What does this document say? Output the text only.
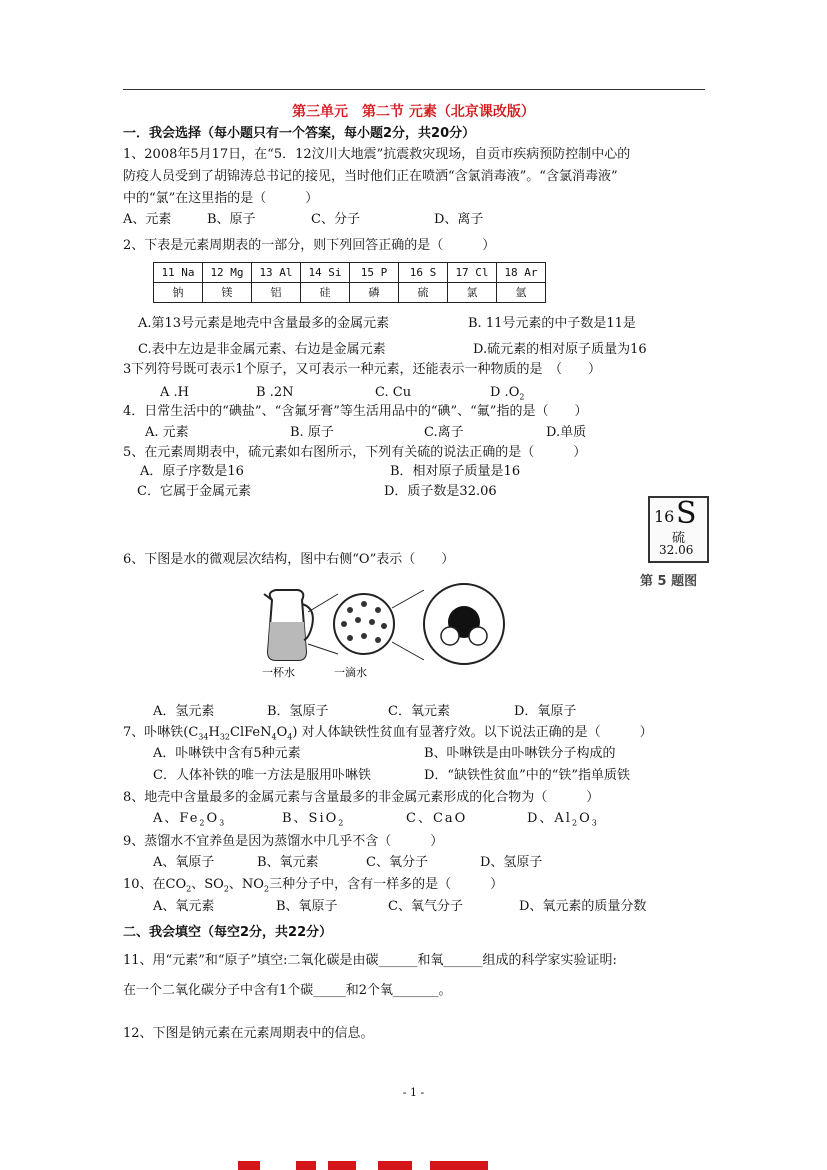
第三单元　第二节 元素（北京课改版）
一．我会选择（每小题只有一个答案，每小题2分，共20分）
1、2008年5月17日，在“5．12汶川大地震”抗震救灾现场，自贡市疾病预防控制中心的
防疫人员受到了胡锦涛总书记的接见，当时他们正在喷洒“含氯消毒液”。“含氯消毒液”
中的“氯”在这里指的是（　　　）
A、元素	B、原子	C、分子	D、离子
2、下表是元素周期表的一部分，则下列回答正确的是（　　　）
11 Na	12 Mg	13 Al	14 Si	15 P	16 S	17 Cl	18 Ar
钠	镁	铝	硅	磷	硫	氯	氩
A.第13号元素是地壳中含量最多的金属元素	B. 11号元素的中子数是11是
C.表中左边是非金属元素、右边是金属元素	D.硫元素的相对原子质量为16
3下列符号既可表示1个原子，又可表示一种元素，还能表示一种物质的是　（　　）
A .H	B .2N	C. Cu	D $.O_2$
4．日常生活中的“碘盐”、“含氟牙膏”等生活用品中的“碘”、“氟”指的是（　　）
A. 元素	B. 原子	C.离子	D.单质
5、在元素周期表中，硫元素如右图所示，下列有关硫的说法正确的是（　　　）
A．原子序数是16	B．相对原子质量是16
C．它属于金属元素	D．质子数是32.06
16 S
硫
32.06
第 5 题图
6、下图是水的微观层次结构，图中右侧“O”表示（　　）
一杯水	一滴水
A．氢元素	B．氢原子	C．氧元素	D．氧原子
7、卟啉铁$(C_{34}H_{32}ClFeN_4O_4)$ 对人体缺铁性贫血有显著疗效。以下说法正确的是（　　　）
A．卟啉铁中含有5种元素	B、卟啉铁是由卟啉铁分子构成的
C．人体补铁的唯一方法是服用卟啉铁	D．“缺铁性贫血”中的“铁”指单质铁
8、地壳中含量最多的金属元素与含量最多的非金属元素形成的化合物为（　　　）
A、$Fe_2O_3$	B、SiO$_2$	C、CaO	D、$Al_2O_3$
9、蒸馏水不宜养鱼是因为蒸馏水中几乎不含（　　　）
A、氧原子	B、氧元素	C、氧分子	D、氢原子
10、在$CO_2$、$SO_2$、$NO_2$三种分子中，含有一样多的是（　　　）
A、氧元素	B、氧原子	C、氧气分子	D、氧元素的质量分数
二、我会填空（每空2分，共22分）
11、用“元素”和“原子”填空:二氧化碳是由碳______和氧______组成的科学家实验证明:
在一个二氧化碳分子中含有1个碳_____和2个氧_______。
12、下图是钠元素在元素周期表中的信息。
- 1 -
